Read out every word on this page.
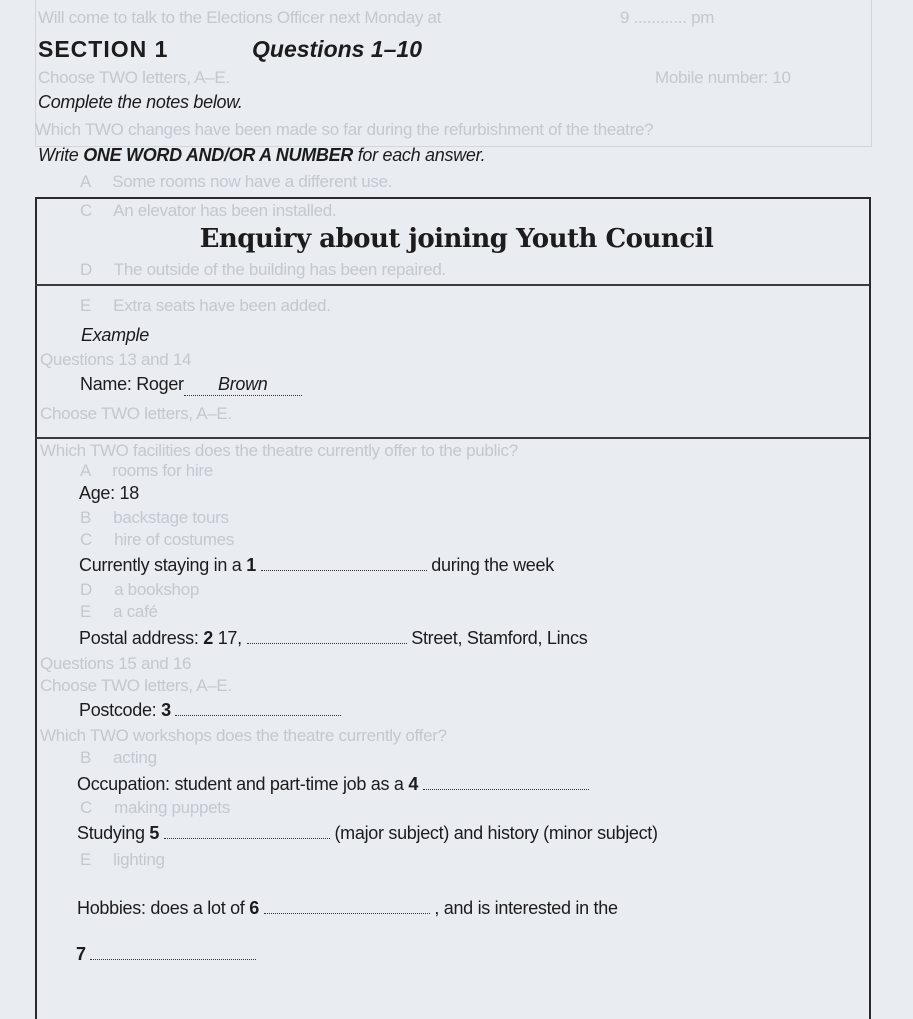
Will come to talk to the Elections Officer next Monday at	9 ............ pm
Choose TWO letters, A–E.	Mobile number: 10
Which TWO changes have been made so far during the refurbishment of the theatre?
A     Some rooms now have a different use.
C     An elevator has been installed.
D     The outside of the building has been repaired.
E     Extra seats have been added.
Questions 13 and 14
Choose TWO letters, A–E.
Which TWO facilities does the theatre currently offer to the public?
A     rooms for hire
B     backstage tours
C     hire of costumes
D     a bookshop
E     a café
Questions 15 and 16
Choose TWO letters, A–E.
Which TWO workshops does the theatre currently offer?
B     acting
C     making puppets
E     lighting
SECTION 1	Questions 1–10
Complete the notes below.
Write ONE WORD AND/OR A NUMBER for each answer.
Enquiry about joining Youth Council
Example
Name: Roger Brown
Age: 18
Currently staying in a 1	during the week
Postal address: 2 17,	Street, Stamford, Lincs
Postcode: 3
Occupation: student and part-time job as a 4
Studying 5	(major subject) and history (minor subject)
Hobbies: does a lot of 6	, and is interested in the
7
